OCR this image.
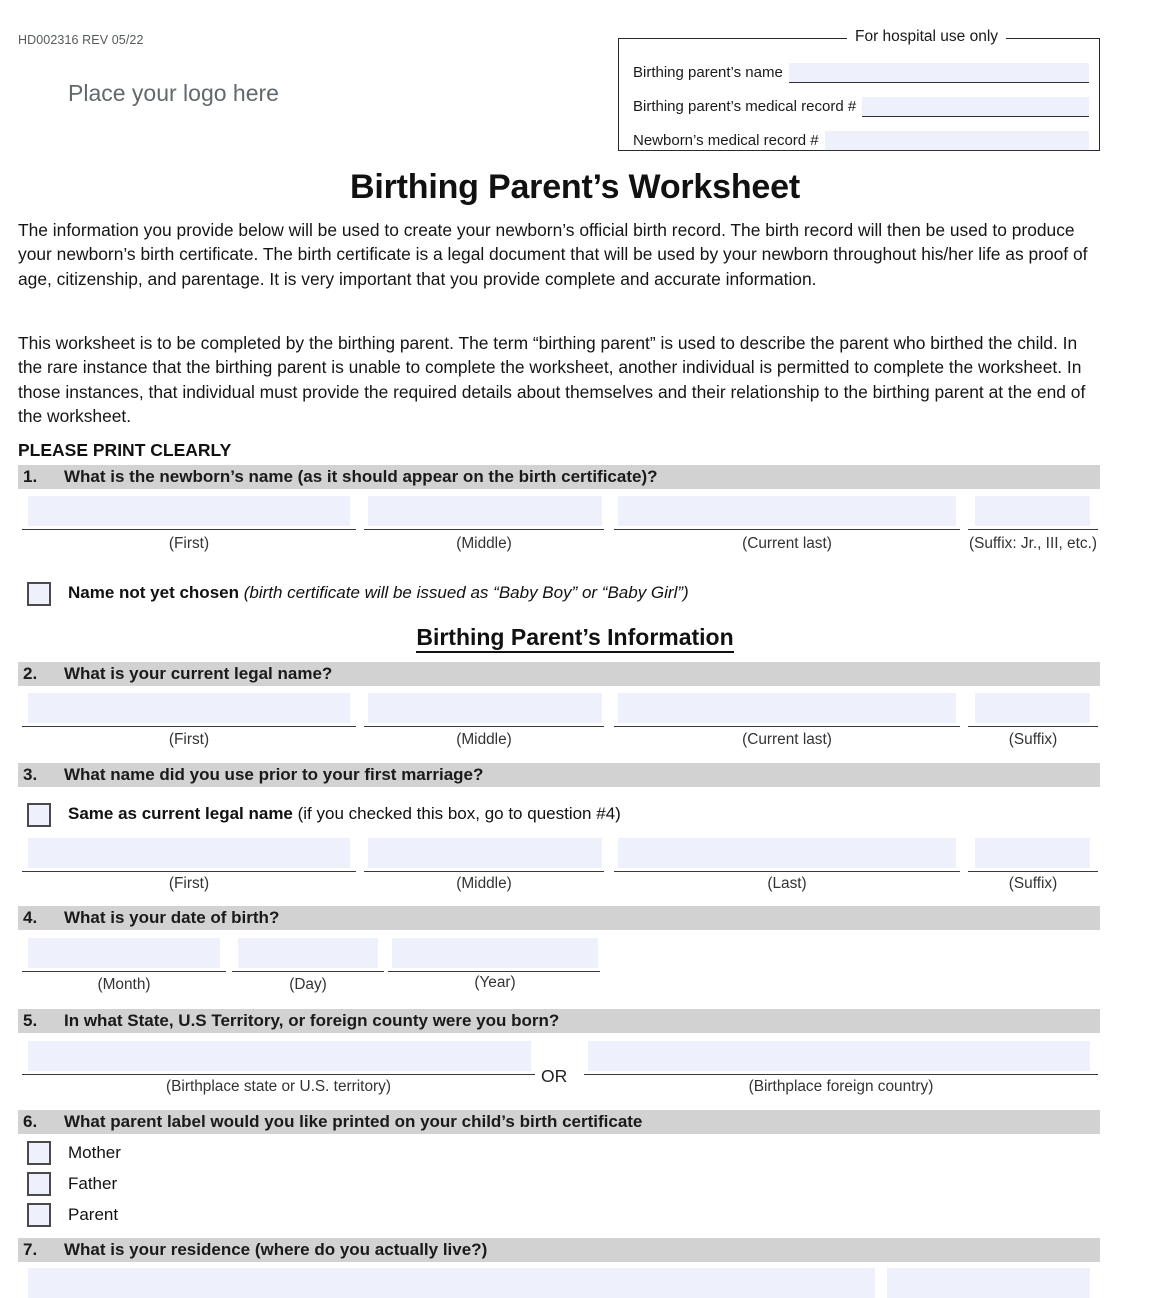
HD002316 REV 05/22
Place your logo here
For hospital use only
Birthing parent’s name
Birthing parent’s medical record #
Newborn’s medical record #
Birthing Parent’s Worksheet
The information you provide below will be used to create your newborn’s official birth record. The birth record will then be used to produce your newborn’s birth certificate. The birth certificate is a legal document that will be used by your newborn throughout his/her life as proof of age, citizenship, and parentage. It is very important that you provide complete and accurate information.
This worksheet is to be completed by the birthing parent. The term “birthing parent” is used to describe the parent who birthed the child. In the rare instance that the birthing parent is unable to complete the worksheet, another individual is permitted to complete the worksheet. In those instances, that individual must provide the required details about themselves and their relationship to the birthing parent at the end of the worksheet.
PLEASE PRINT CLEARLY
1.	What is the newborn’s name (as it should appear on the birth certificate)?
(First)	(Middle)	(Current last)	(Suffix: Jr., III, etc.)
Name not yet chosen (birth certificate will be issued as “Baby Boy” or “Baby Girl”)
Birthing Parent’s Information
2.	What is your current legal name?
(First)	(Middle)	(Current last)	(Suffix)
3.	What name did you use prior to your first marriage?
Same as current legal name (if you checked this box, go to question #4)
(First)	(Middle)	(Last)	(Suffix)
4.	What is your date of birth?
(Month)	(Day)	(Year)
5.	In what State, U.S Territory, or foreign county were you born?
(Birthplace state or U.S. territory)
OR
(Birthplace foreign country)
6.	What parent label would you like printed on your child’s birth certificate
Mother
Father
Parent
7.	What is your residence (where do you actually live?)
